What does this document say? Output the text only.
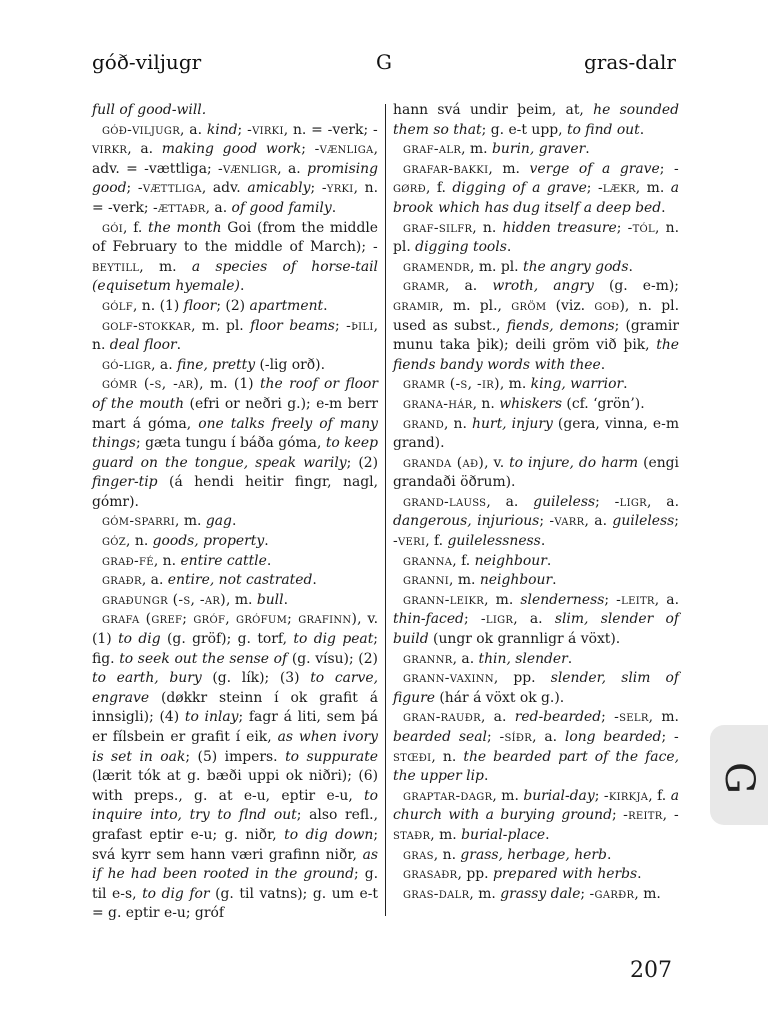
góð-viljugr	G	gras-dalr

full of good-will.

góð-viljugr, a. kind; -virki, n. = -verk; -virkr, a. making good work; -vænliga, adv. = -vættliga; -vænligr, a. promising good; -vættliga, adv. amicably; -yrki, n. = -verk; -ættaðr, a. of good family.

gói, f. the month Goi (from the middle of February to the middle of March); -beytill, m. a species of horse-tail (equisetum hyemale).

gólf, n. (1) floor; (2) apartment.

golf-stokkar, m. pl. floor beams; -þili, n. deal floor.

gó-ligr, a. fine, pretty (-lig orð).

gómr (-s, -ar), m. (1) the roof or floor of the mouth (efri or neðri g.); e-m berr mart á góma, one talks freely of many things; gæta tungu í báða góma, to keep guard on the tongue, speak warily; (2) finger-tip (á hendi heitir fingr, nagl, gómr).

góm-sparri, m. gag.

góz, n. goods, property.

grað-fé, n. entire cattle.

graðr, a. entire, not castrated.

graðungr (-s, -ar), m. bull.

grafa (gref; gróf, grófum; grafinn), v. (1) to dig (g. gröf); g. torf, to dig peat; fig. to seek out the sense of (g. vísu); (2) to earth, bury (g. lík); (3) to carve, engrave (døkkr steinn í ok grafit á innsigli); (4) to inlay; fagr á liti, sem þá er fílsbein er grafit í eik, as when ivory is set in oak; (5) impers. to suppurate (lærit tók at g. bæði uppi ok niðri); (6) with preps., g. at e-u, eptir e-u, to inquire into, try to flnd out; also refl., grafast eptir e-u; g. niðr, to dig down; svá kyrr sem hann væri grafinn niðr, as if he had been rooted in the ground; g. til e-s, to dig for (g. til vatns); g. um e-t = g. eptir e-u; gróf

hann svá undir þeim, at, he sounded them so that; g. e-t upp, to find out.

graf-alr, m. burin, graver.

grafar-bakki, m. verge of a grave; -gørð, f. digging of a grave; -lækr, m. a brook which has dug itself a deep bed.

graf-silfr, n. hidden treasure; -tól, n. pl. digging tools.

gramendr, m. pl. the angry gods.

gramr, a. wroth, angry (g. e-m); gramir, m. pl., gröm (viz. goð), n. pl. used as subst., fiends, demons; (gramir munu taka þik); deili gröm við þik, the fiends bandy words with thee.

gramr (-s, -ir), m. king, warrior.

grana-hár, n. whiskers (cf. ‘grön’).

grand, n. hurt, injury (gera, vinna, e-m grand).

granda (að), v. to injure, do harm (engi grandaði öðrum).

grand-lauss, a. guileless; -ligr, a. dangerous, injurious; -varr, a. guileless; -veri, f. guilelessness.

granna, f. neighbour.

granni, m. neighbour.

grann-leikr, m. slenderness; -leitr, a. thin-faced; -ligr, a. slim, slender of build (ungr ok grannligr á vöxt).

grannr, a. thin, slender.

grann-vaxinn, pp. slender, slim of figure (hár á vöxt ok g.).

gran-rauðr, a. red-bearded; -selr, m. bearded seal; -síðr, a. long bearded; -stœði, n. the bearded part of the face, the upper lip.

graptar-dagr, m. burial-day; -kirkja, f. a church with a burying ground; -reitr, -staðr, m. burial-place.

gras, n. grass, herbage, herb.

grasaðr, pp. prepared with herbs.

gras-dalr, m. grassy dale; -garðr, m.

G
207
